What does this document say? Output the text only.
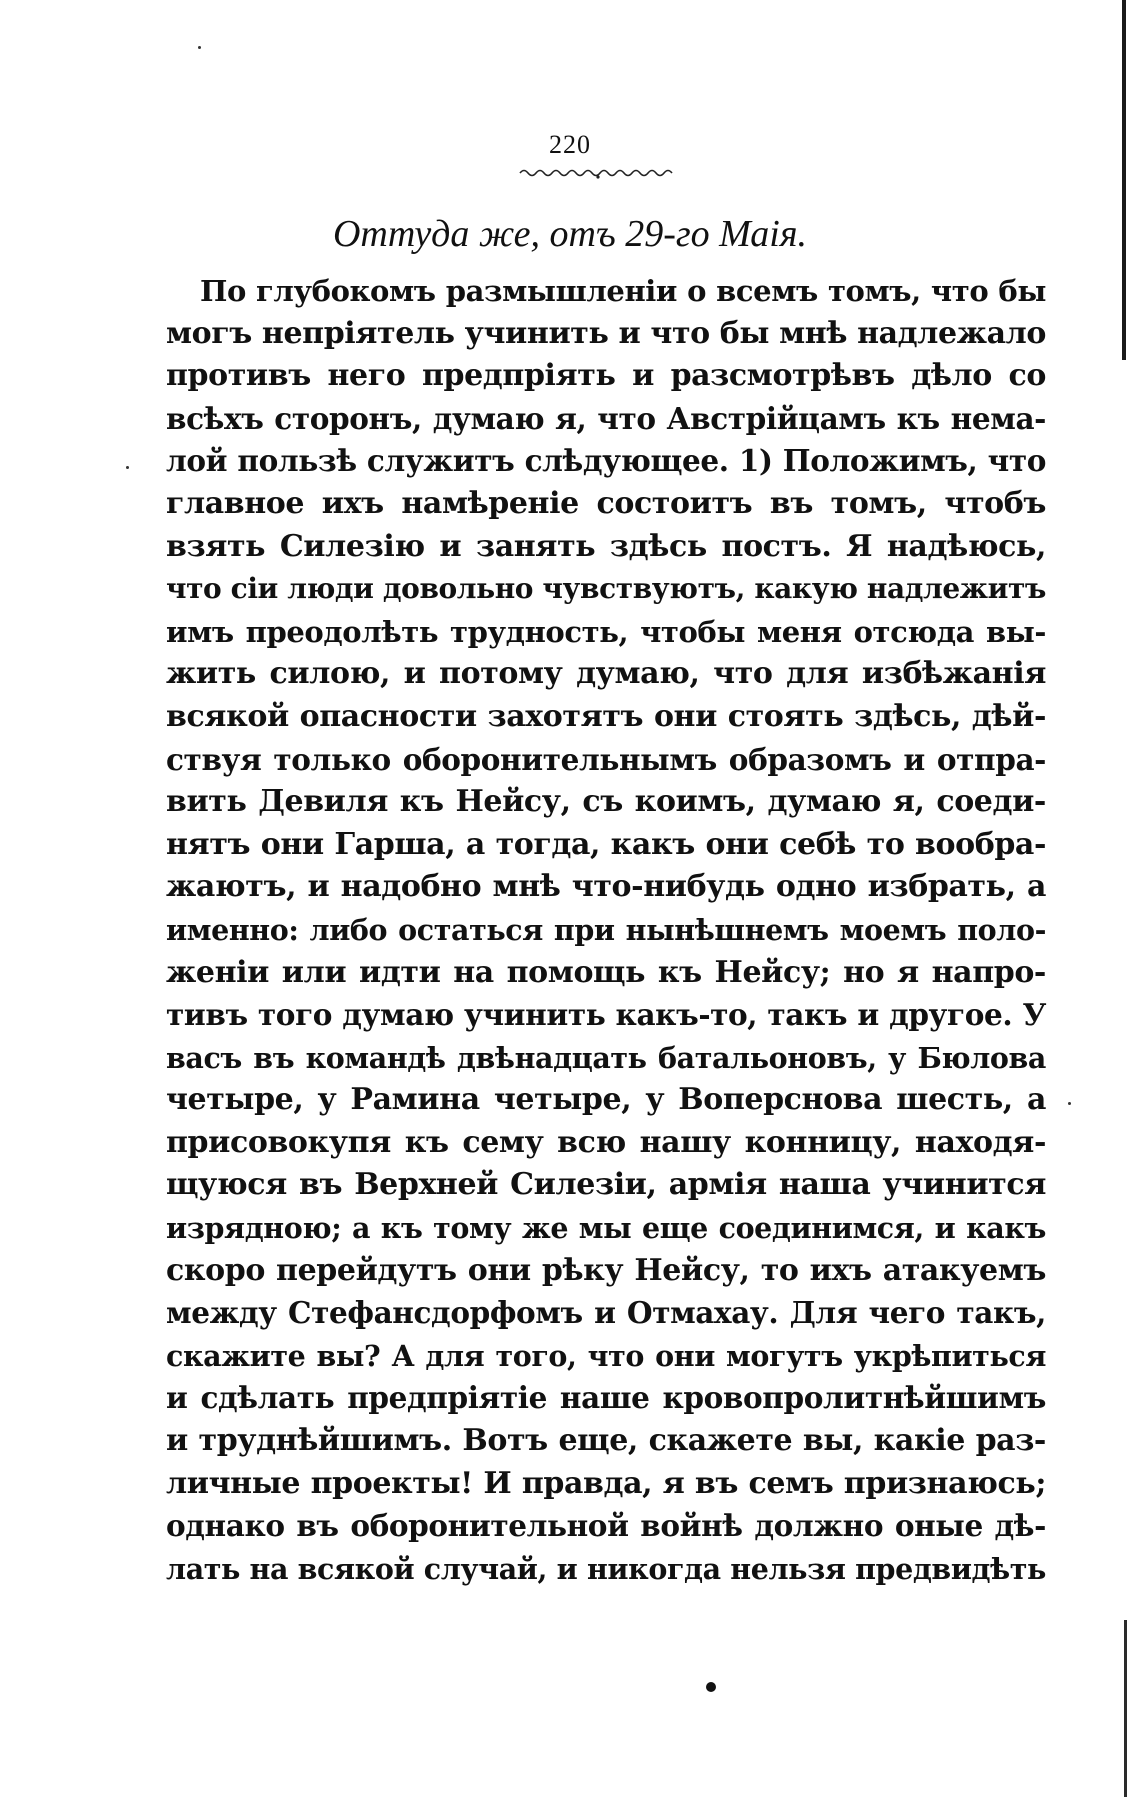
220
Оттуда же, отъ 29-го Маія.
По глубокомъ размышленіи о всемъ томъ, что бы
могъ непріятель учинить и что бы мнѣ надлежало
противъ него предпріять и разсмотрѣвъ дѣло со
всѣхъ сторонъ, думаю я, что Австрійцамъ къ нема-
лой пользѣ служитъ слѣдующее. 1) Положимъ, что
главное ихъ намѣреніе состоитъ въ томъ, чтобъ
взять Силезію и занять здѣсь постъ. Я надѣюсь,
что сіи люди довольно чувствуютъ, какую надлежитъ
имъ преодолѣть трудность, чтобы меня отсюда вы-
жить силою, и потому думаю, что для избѣжанія
всякой опасности захотятъ они стоять здѣсь, дѣй-
ствуя только оборонительнымъ образомъ и отпра-
вить Девиля къ Нейсу, съ коимъ, думаю я, соеди-
нятъ они Гарша, а тогда, какъ они себѣ то вообра-
жаютъ, и надобно мнѣ что-нибудь одно избрать, а
именно: либо остаться при нынѣшнемъ моемъ поло-
женіи или идти на помощь къ Нейсу; но я напро-
тивъ того думаю учинить какъ-то, такъ и другое. У
васъ въ командѣ двѣнадцать батальоновъ, у Бюлова
четыре, у Рамина четыре, у Воперснова шесть, а
присовокупя къ сему всю нашу конницу, находя-
щуюся въ Верхней Силезіи, армія наша учинится
изрядною; а къ тому же мы еще соединимся, и какъ
скоро перейдутъ они рѣку Нейсу, то ихъ атакуемъ
между Стефансдорфомъ и Отмахау. Для чего такъ,
скажите вы? А для того, что они могутъ укрѣпиться
и сдѣлать предпріятіе наше кровопролитнѣйшимъ
и труднѣйшимъ. Вотъ еще, скажете вы, какіе раз-
личные проекты! И правда, я въ семъ признаюсь;
однако въ оборонительной войнѣ должно оные дѣ-
лать на всякой случай, и никогда нельзя предвидѣть
